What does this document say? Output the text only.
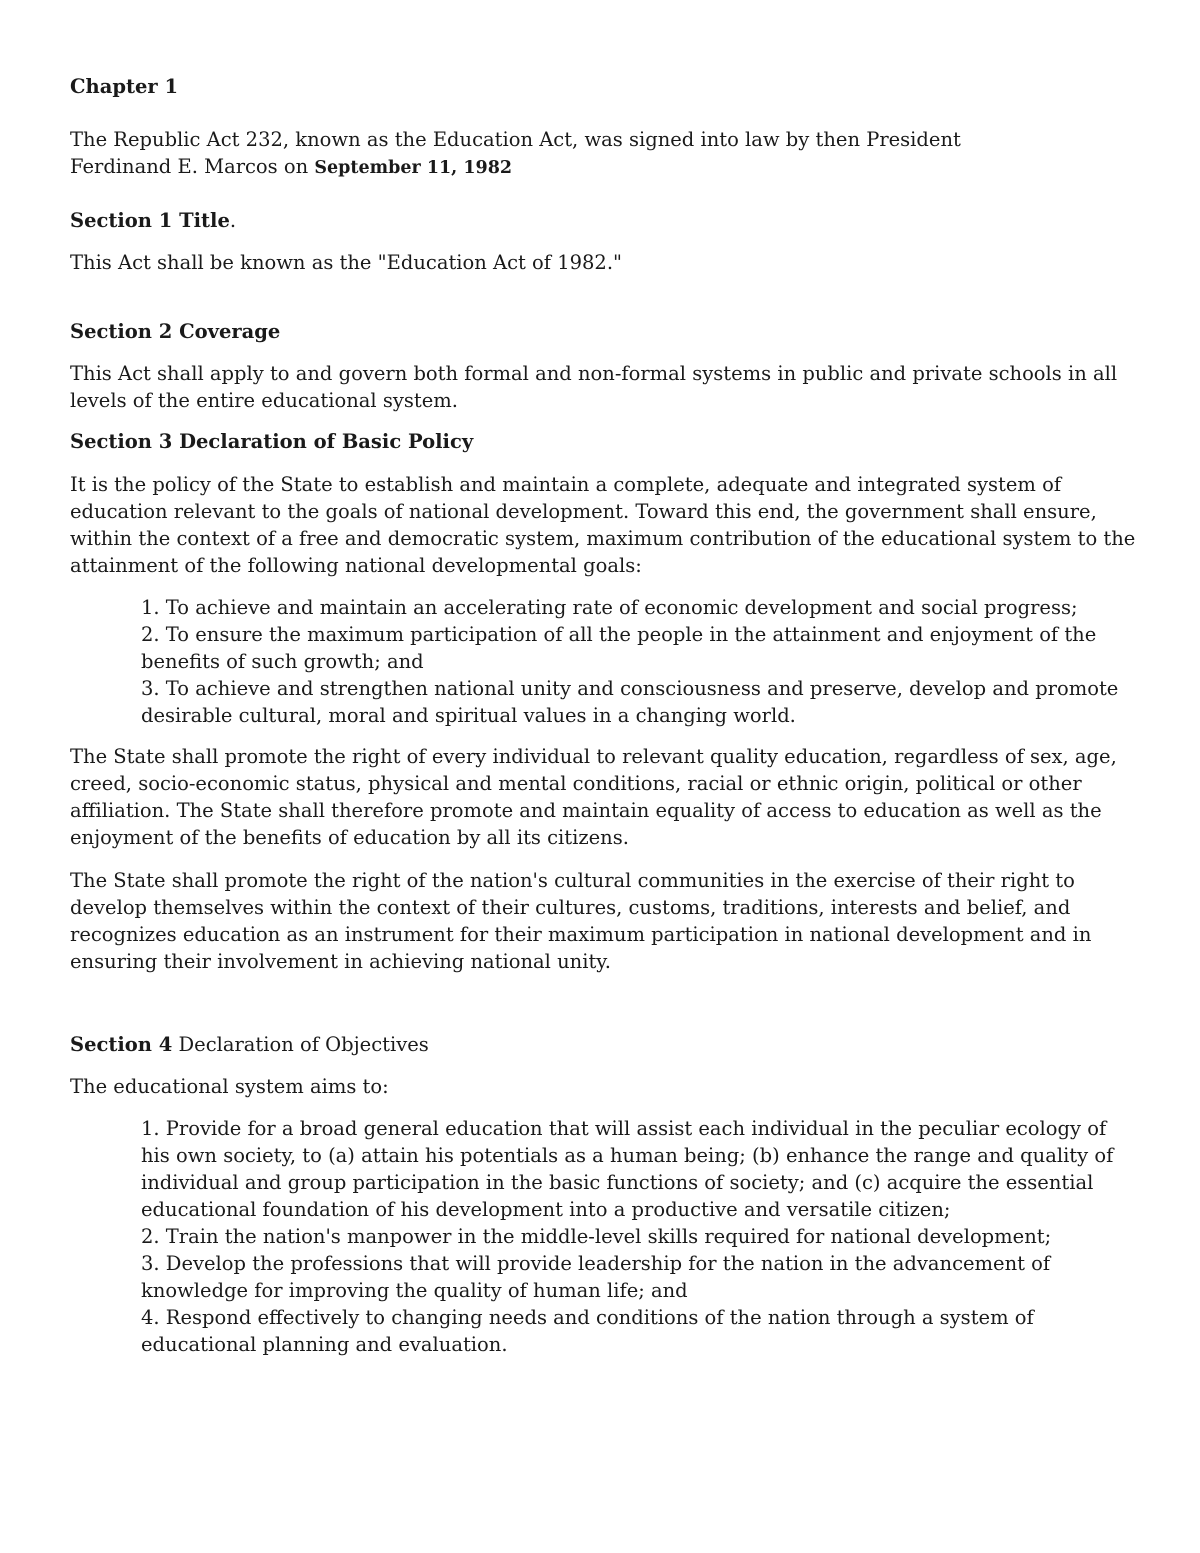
Chapter 1

The Republic Act 232, known as the Education Act, was signed into law by then President

Ferdinand E. Marcos on September 11, 1982

Section 1 Title.

This Act shall be known as the "Education Act of 1982."

Section 2 Coverage

This Act shall apply to and govern both formal and non-formal systems in public and private schools in all levels of the entire educational system.

Section 3 Declaration of Basic Policy

It is the policy of the State to establish and maintain a complete, adequate and integrated system of education relevant to the goals of national development. Toward this end, the government shall ensure, within the context of a free and democratic system, maximum contribution of the educational system to the attainment of the following national developmental goals:

1. To achieve and maintain an accelerating rate of economic development and social progress;

2. To ensure the maximum participation of all the people in the attainment and enjoyment of the benefits of such growth; and

3. To achieve and strengthen national unity and consciousness and preserve, develop and promote desirable cultural, moral and spiritual values in a changing world.

The State shall promote the right of every individual to relevant quality education, regardless of sex, age, creed, socio-economic status, physical and mental conditions, racial or ethnic origin, political or other affiliation. The State shall therefore promote and maintain equality of access to education as well as the enjoyment of the benefits of education by all its citizens.

The State shall promote the right of the nation's cultural communities in the exercise of their right to develop themselves within the context of their cultures, customs, traditions, interests and belief, and recognizes education as an instrument for their maximum participation in national development and in ensuring their involvement in achieving national unity.

Section 4 Declaration of Objectives

The educational system aims to:

1. Provide for a broad general education that will assist each individual in the peculiar ecology of his own society, to (a) attain his potentials as a human being; (b) enhance the range and quality of individual and group participation in the basic functions of society; and (c) acquire the essential educational foundation of his development into a productive and versatile citizen;

2. Train the nation's manpower in the middle-level skills required for national development;

3. Develop the professions that will provide leadership for the nation in the advancement of knowledge for improving the quality of human life; and

4. Respond effectively to changing needs and conditions of the nation through a system of educational planning and evaluation.
